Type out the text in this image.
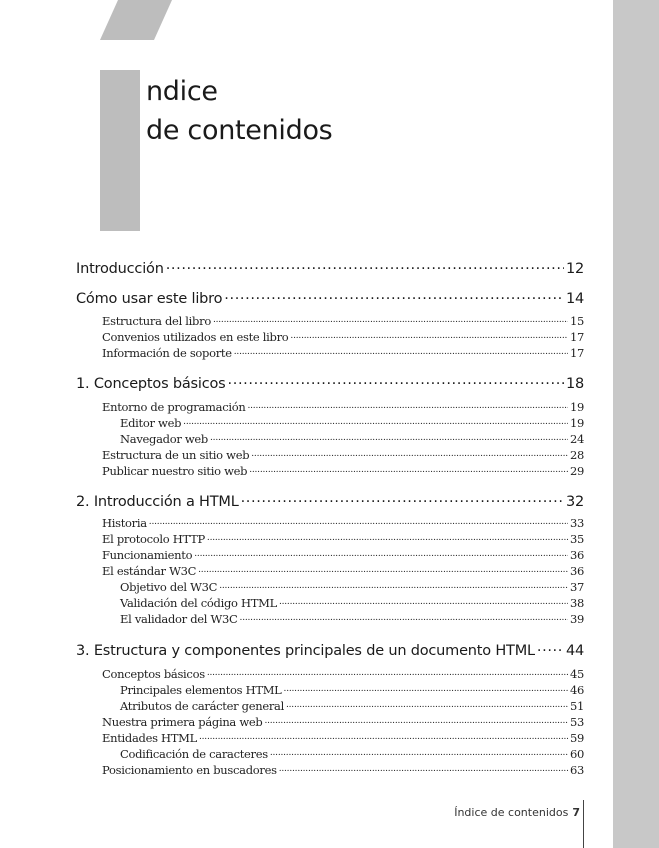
ndice
de contenidos
Introducción .....	12
Cómo usar este libro .....	14
Estructura del libro .....	15
Convenios utilizados en este libro .....	17
Información de soporte .....	17
1. Conceptos básicos .....	18
Entorno de programación .....	19
Editor web .....	19
Navegador web .....	24
Estructura de un sitio web .....	28
Publicar nuestro sitio web .....	29
2. Introducción a HTML .....	32
Historia .....	33
El protocolo HTTP .....	35
Funcionamiento .....	36
El estándar W3C .....	36
Objetivo del W3C .....	37
Validación del código HTML .....	38
El validador del W3C .....	39
3. Estructura y componentes principales de un documento HTML ..... 44
Conceptos básicos .....	45
Principales elementos HTML .....	46
Atributos de carácter general .....	51
Nuestra primera página web .....	53
Entidades HTML .....	59
Codificación de caracteres .....	60
Posicionamiento en buscadores .....	63
Índice de contenidos 7
